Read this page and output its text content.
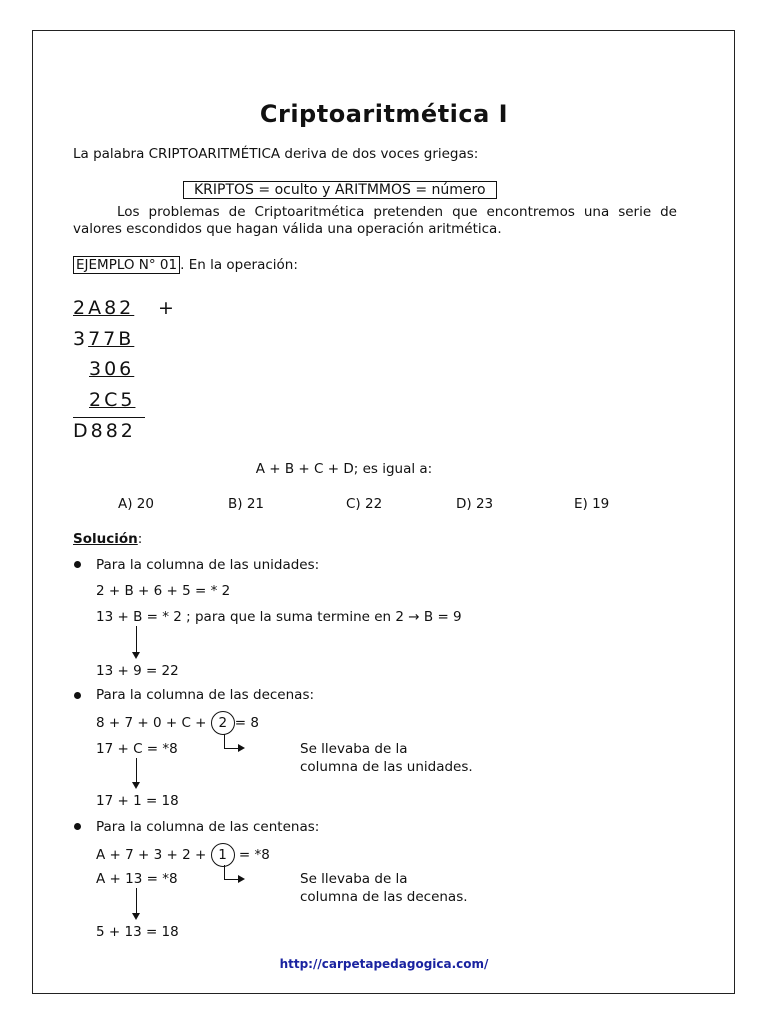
Criptoaritmética I
La palabra CRIPTOARITMÉTICA deriva de dos voces griegas:
KRIPTOS = oculto y ARITMMOS = número
Los problemas de Criptoaritmética pretenden que encontremos una serie de valores escondidos que hagan válida una operación aritmética.
EJEMPLO N° 01 . En la operación:
2A82 +
377B
306
2C5
D882
A + B + C + D; es igual a:
A) 20	B) 21	C) 22	D) 23	E) 19
Solución:
Para la columna de las unidades:
2 + B + 6 + 5 = * 2
13 + B = * 2 ; para que la suma termine en 2 → B = 9
13 + 9 = 22
Para la columna de las decenas:
8 + 7 + 0 + C + 2 = 8
17 + C = *8	Se llevaba de la
columna de las unidades.
17 + 1 = 18
Para la columna de las centenas:
A + 7 + 3 + 2 + 1 = *8
A + 13 = *8	Se llevaba de la
columna de las decenas.
5 + 13 = 18
http://carpetapedagogica.com/
